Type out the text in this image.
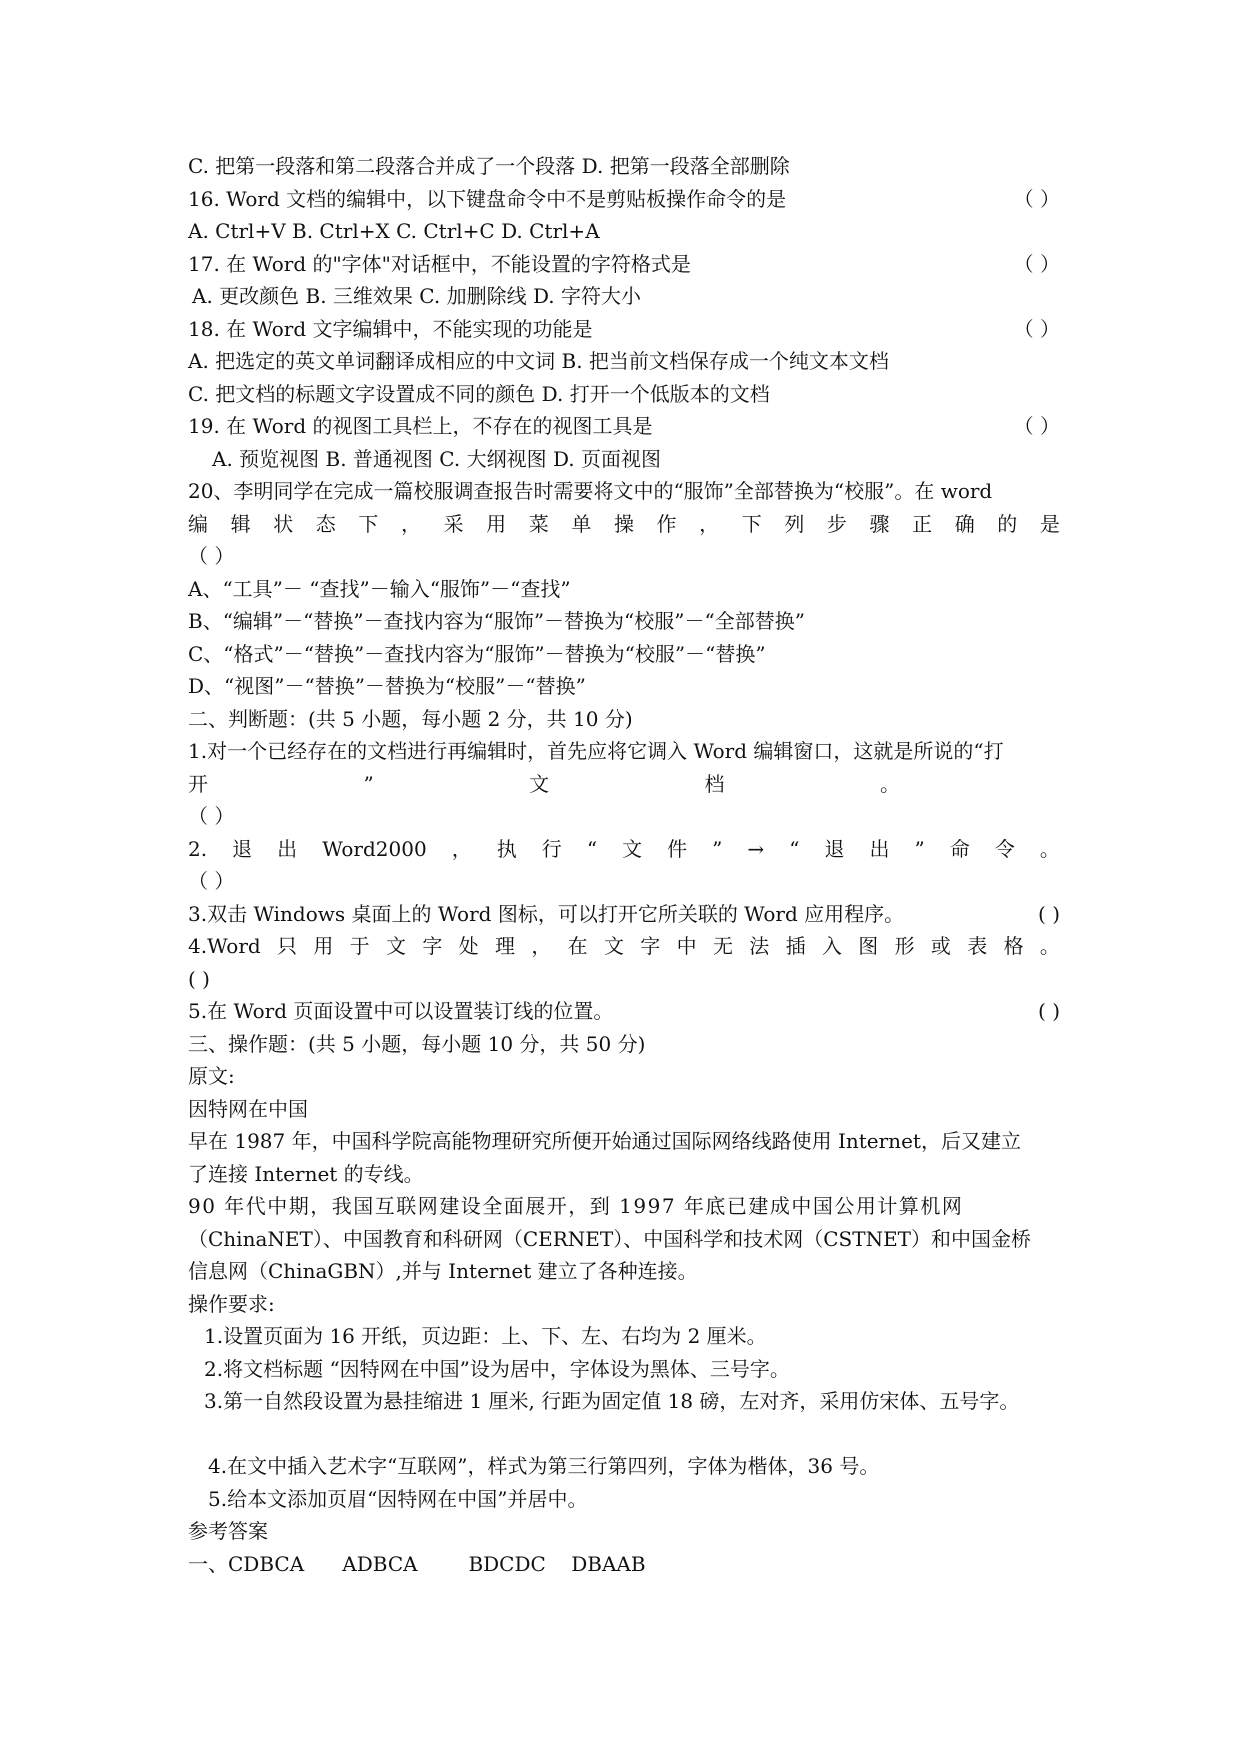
C. 把第一段落和第二段落合并成了一个段落 D. 把第一段落全部删除
16. Word 文档的编辑中，以下键盘命令中不是剪贴板操作命令的是	（ ）
A. Ctrl+V B. Ctrl+X C. Ctrl+C D. Ctrl+A
17. 在 Word 的"字体"对话框中，不能设置的字符格式是	（ ）
A. 更改颜色 B. 三维效果 C. 加删除线 D. 字符大小
18. 在 Word 文字编辑中，不能实现的功能是	（ ）
A. 把选定的英文单词翻译成相应的中文词 B. 把当前文档保存成一个纯文本文档
C. 把文档的标题文字设置成不同的颜色 D. 打开一个低版本的文档
19. 在 Word 的视图工具栏上，不存在的视图工具是	（ ）
A. 预览视图 B. 普通视图 C. 大纲视图 D. 页面视图
20、李明同学在完成一篇校服调查报告时需要将文中的“服饰”全部替换为“校服”。在 word
编 辑 状 态 下 ， 采 用 菜 单 操 作 ， 下 列 步 骤 正 确 的 是
（ ）
A、“工具”－ “查找”－输入“服饰”－“查找”
B、“编辑”－“替换”－查找内容为“服饰”－替换为“校服”－“全部替换”
C、“格式”－“替换”－查找内容为“服饰”－替换为“校服”－“替换”
D、“视图”－“替换”－替换为“校服”－“替换”
二、判断题：(共 5 小题，每小题 2 分，共 10 分)
1.对一个已经存在的文档进行再编辑时，首先应将它调入 Word 编辑窗口，这就是所说的“打
开	”	文	档	。
（ ）
2. 退 出 Word2000 ， 执 行 “ 文 件 ” → “ 退 出 ” 命 令 。
（ ）
3.双击 Windows 桌面上的 Word 图标，可以打开它所关联的 Word 应用程序。	( )
4.Word 只 用 于 文 字 处 理 ， 在 文 字 中 无 法 插 入 图 形 或 表 格 。
( )
5.在 Word 页面设置中可以设置装订线的位置。	( )
三、操作题：(共 5 小题，每小题 10 分，共 50 分)
原文:
因特网在中国
早在 1987 年，中国科学院高能物理研究所便开始通过国际网络线路使用 Internet，后又建立
了连接 Internet 的专线。
90 年代中期，我国互联网建设全面展开，到 1997 年底已建成中国公用计算机网
（ChinaNET）、中国教育和科研网（CERNET）、中国科学和技术网（CSTNET）和中国金桥
信息网（ChinaGBN）,并与 Internet 建立了各种连接。
操作要求:
1.设置页面为 16 开纸，页边距：上、下、左、右均为 2 厘米。
2.将文档标题 “因特网在中国”设为居中，字体设为黑体、三号字。
3.第一自然段设置为悬挂缩进 1 厘米, 行距为固定值 18 磅，左对齐，采用仿宋体、五号字。
4.在文中插入艺术字“互联网”，样式为第三行第四列，字体为楷体，36 号。
5.给本文添加页眉“因特网在中国”并居中。
参考答案
一、CDBCA      ADBCA        BDCDC    DBAAB
